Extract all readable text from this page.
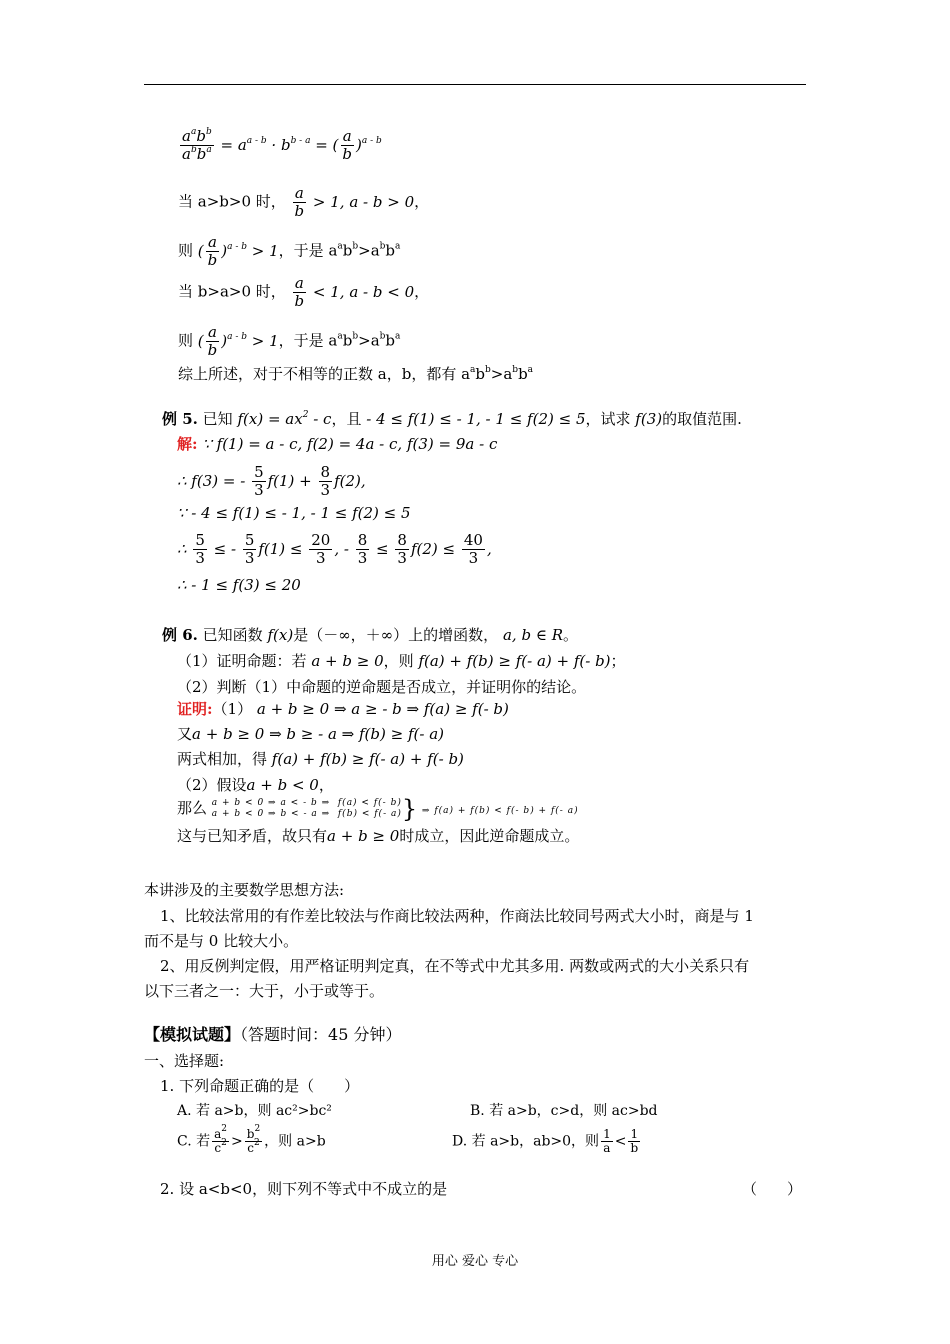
$\frac{a^ab^b}{a^bb^a} = a^{a - b} \cdot b^{b - a}$ = ( $\frac{a}{b} )^{a - b}$
当 a>b>0 时， $\frac{a}{b} > 1$, a - b > 0，
则 ( $\frac{a}{b} )^{a - b} > 1$，于是 $a^ab^b>a^bb^a$
当 b>a>0 时， $\frac{a}{b} < 1$, a - b < 0，
则 ( $\frac{a}{b} )^{a - b} > 1$，于是 $a^ab^b>a^bb^a$
综上所述，对于不相等的正数 a，b，都有 $a^ab^b>a^bb^a$
例 5. 已知 $f(x) = ax^2 - c$，且 - 4 ≤ f(1) ≤ - 1, - 1 ≤ f(2) ≤ 5，试求 f(3)的取值范围.
解: ∵ f(1) = a - c, f(2) = 4a - c, f(3) = 9a - c
∴ f(3) = - $\frac{5}{3} f(1) + \frac{8}{3} f(2)$,
∵ - 4 ≤ f(1) ≤ - 1, - 1 ≤ f(2) ≤ 5
∴ $\frac{5}{3}$ ≤ - $\frac{5}{3} f(1) \le \frac{20}{3}$ , - $\frac{8}{3} \le \frac{8}{3} f(2) \le \frac{40}{3}$ ,
∴ - 1 ≤ f(3) ≤ 20
例 6. 已知函数 f(x)是（－∞，＋∞）上的增函数， a, b ∈ R。
（1）证明命题：若 a + b ≥ 0，则 f(a) + f(b) ≥ f(- a) + f(- b)；
（2）判断（1）中命题的逆命题是否成立，并证明你的结论。
证明:（1） a + b ≥ 0 ⇒ a ≥ - b ⇒ f(a) ≥ f(- b)
又a + b ≥ 0 ⇒ b ≥ - a ⇒ f(b) ≥ f(- a)
两式相加，得 f(a) + f(b) ≥ f(- a) + f(- b)
（2）假设a + b < 0，
那么 a + b < 0 ⇒ a < - b ⇒  f(a) < f(- b)
a + b < 0 ⇒ b < - a ⇒  f(b) < f(- a) } ⇒ f(a) + f(b) < f(- b) + f(- a)
这与已知矛盾，故只有a + b ≥ 0时成立，因此逆命题成立。
本讲涉及的主要数学思想方法:
1、比较法常用的有作差比较法与作商比较法两种，作商法比较同号两式大小时，商是与 1
而不是与 0 比较大小。
2、用反例判定假，用严格证明判定真，在不等式中尤其多用. 两数或两式的大小关系只有
以下三者之一：大于，小于或等于。
【模拟试题】（答题时间：45 分钟）
一、选择题:
1. 下列命题正确的是（　　）
A. 若 a>b，则 ac²>bc²	B. 若 a>b，c>d，则 ac>bd
C. 若 $\frac{a^2}{c^2} > \frac{b^2}{c^2}$ ，则 a>b	D. 若 a>b，ab>0，则 $\frac{1}{a} < \frac{1}{b}$
2. 设 a<b<0，则下列不等式中不成立的是	（　　）
用心 爱心 专心
